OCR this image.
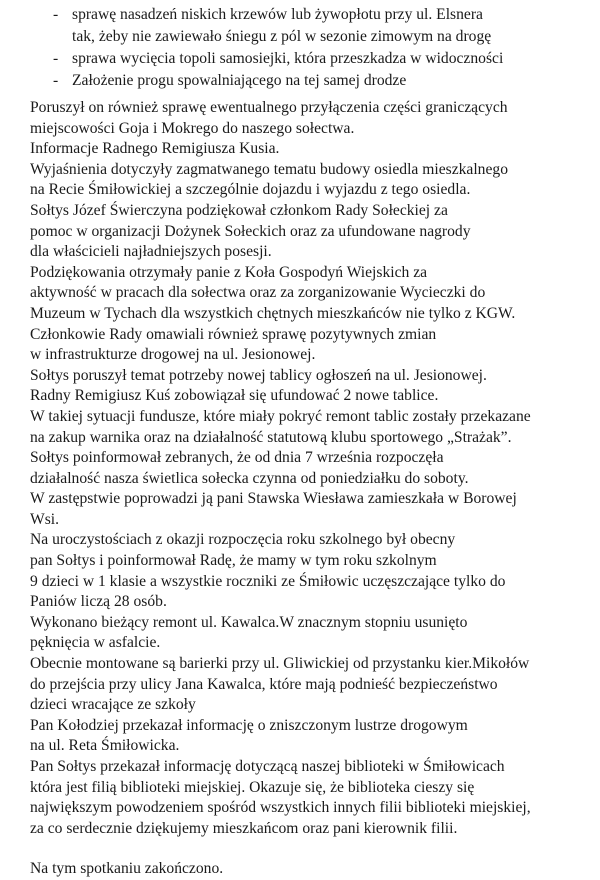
- sprawę nasadzeń niskich krzewów lub żywopłotu przy ul. Elsnera
tak, żeby nie zawiewało śniegu z pól w sezonie zimowym na drogę
- sprawa wycięcia topoli samosiejki, która przeszkadza w widoczności
- Założenie progu spowalniającego na tej samej drodze
Poruszył on również sprawę ewentualnego przyłączenia części graniczących
miejscowości Goja i Mokrego do naszego sołectwa.
Informacje Radnego Remigiusza Kusia.
Wyjaśnienia dotyczyły zagmatwanego tematu budowy osiedla mieszkalnego
na Recie Śmiłowickiej a szczególnie dojazdu i wyjazdu z tego osiedla.
Sołtys Józef Świerczyna podziękował członkom Rady Sołeckiej za
pomoc w organizacji Dożynek Sołeckich oraz za ufundowane nagrody
dla właścicieli najładniejszych posesji.
Podziękowania otrzymały panie z Koła Gospodyń Wiejskich za
aktywność w pracach dla sołectwa oraz za zorganizowanie Wycieczki do
Muzeum w Tychach dla wszystkich chętnych mieszkańców nie tylko z KGW.
Członkowie Rady omawiali również sprawę pozytywnych zmian
w infrastrukturze drogowej na ul. Jesionowej.
Sołtys poruszył temat potrzeby nowej tablicy ogłoszeń na ul. Jesionowej.
Radny Remigiusz Kuś zobowiązał się ufundować 2 nowe tablice.
W takiej sytuacji fundusze, które miały pokryć remont tablic zostały przekazane
na zakup warnika oraz na działalność statutową klubu sportowego „Strażak”.
Sołtys poinformował zebranych, że od dnia 7 września rozpoczęła
działalność nasza świetlica sołecka czynna od poniedziałku do soboty.
W zastępstwie poprowadzi ją pani Stawska Wiesława zamieszkała w Borowej
Wsi.
Na uroczystościach z okazji rozpoczęcia roku szkolnego był obecny
pan Sołtys i poinformował Radę, że mamy w tym roku szkolnym
9 dzieci w 1 klasie a wszystkie roczniki ze Śmiłowic uczęszczające tylko do
Paniów liczą 28 osób.
Wykonano bieżący remont ul. Kawalca.W znacznym stopniu usunięto
pęknięcia w asfalcie.
Obecnie montowane są barierki przy ul. Gliwickiej od przystanku kier.Mikołów
do przejścia przy ulicy Jana Kawalca, które mają podnieść bezpieczeństwo
dzieci wracające ze szkoły
Pan Kołodziej przekazał informację o zniszczonym lustrze drogowym
na ul. Reta Śmiłowicka.
Pan Sołtys przekazał informację dotyczącą naszej biblioteki w Śmiłowicach
która jest filią biblioteki miejskiej. Okazuje się, że biblioteka cieszy się
największym powodzeniem spośród wszystkich innych filii biblioteki miejskiej,
za co serdecznie dziękujemy mieszkańcom oraz pani kierownik filii.
Na tym spotkaniu zakończono.
